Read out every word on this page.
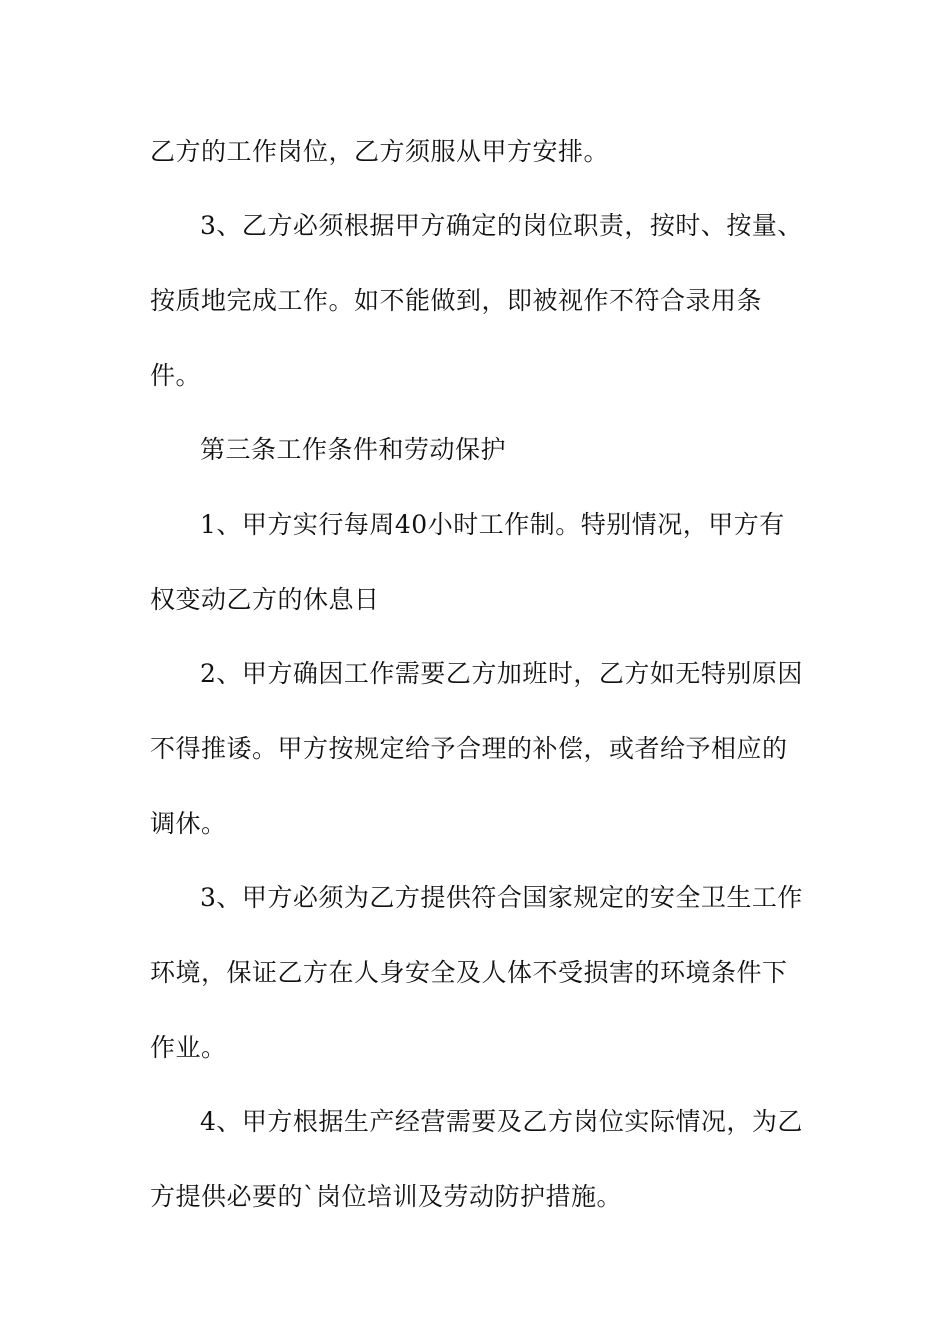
乙方的工作岗位，乙方须服从甲方安排。
3、乙方必须根据甲方确定的岗位职责，按时、按量、
按质地完成工作。如不能做到，即被视作不符合录用条
件。
第三条工作条件和劳动保护
1、甲方实行每周40小时工作制。特别情况，甲方有
权变动乙方的休息日
2、甲方确因工作需要乙方加班时，乙方如无特别原因
不得推诿。甲方按规定给予合理的补偿，或者给予相应的
调休。
3、甲方必须为乙方提供符合国家规定的安全卫生工作
环境，保证乙方在人身安全及人体不受损害的环境条件下
作业。
4、甲方根据生产经营需要及乙方岗位实际情况，为乙
方提供必要的`岗位培训及劳动防护措施。
